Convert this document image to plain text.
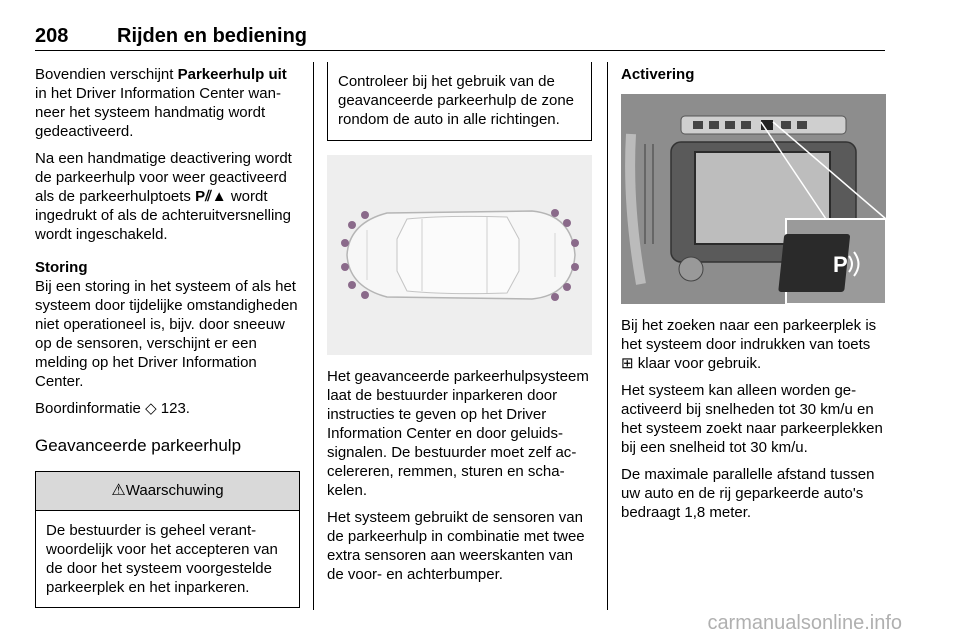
208 Rijden en bediening

Bovendien verschijnt Parkeerhulp uit in het Driver Information Center wanneer het systeem handmatig wordt gedeactiveerd.

Na een handmatige deactivering wordt de parkeerhulp voor weer geactiveerd als de parkeerhulptoets P⫽▲ wordt ingedrukt of als de achteruitversnelling wordt ingeschakeld.

Storing

Bij een storing in het systeem of als het systeem door tijdelijke omstandigheden niet operationeel is, bijv. door sneeuw op de sensoren, verschijnt er een melding op het Driver Information Center.

Boordinformatie ◇ 123.

Geavanceerde parkeerhulp

⚠Waarschuwing
De bestuurder is geheel verantwoordelijk voor het accepteren van de door het systeem voorgestelde parkeerplek en het inparkeren.
Controleer bij het gebruik van de geavanceerde parkeerhulp de zone rondom de auto in alle richtingen.

Het geavanceerde parkeerhulpsysteem laat de bestuurder inparkeren door instructies te geven op het Driver Information Center en door geluidssignalen. De bestuurder moet zelf accelereren, remmen, sturen en schakelen.

Het systeem gebruikt de sensoren van de parkeerhulp in combinatie met twee extra sensoren aan weerskanten van de voor- en achterbumper.

Activering

P

Bij het zoeken naar een parkeerplek is het systeem door indrukken van toets ⊞ klaar voor gebruik.

Het systeem kan alleen worden geactiveerd bij snelheden tot 30 km/u en het systeem zoekt naar parkeerplekken bij een snelheid tot 30 km/u.

De maximale parallelle afstand tussen uw auto en de rij geparkeerde auto's bedraagt 1,8 meter.

carmanualsonline.info
